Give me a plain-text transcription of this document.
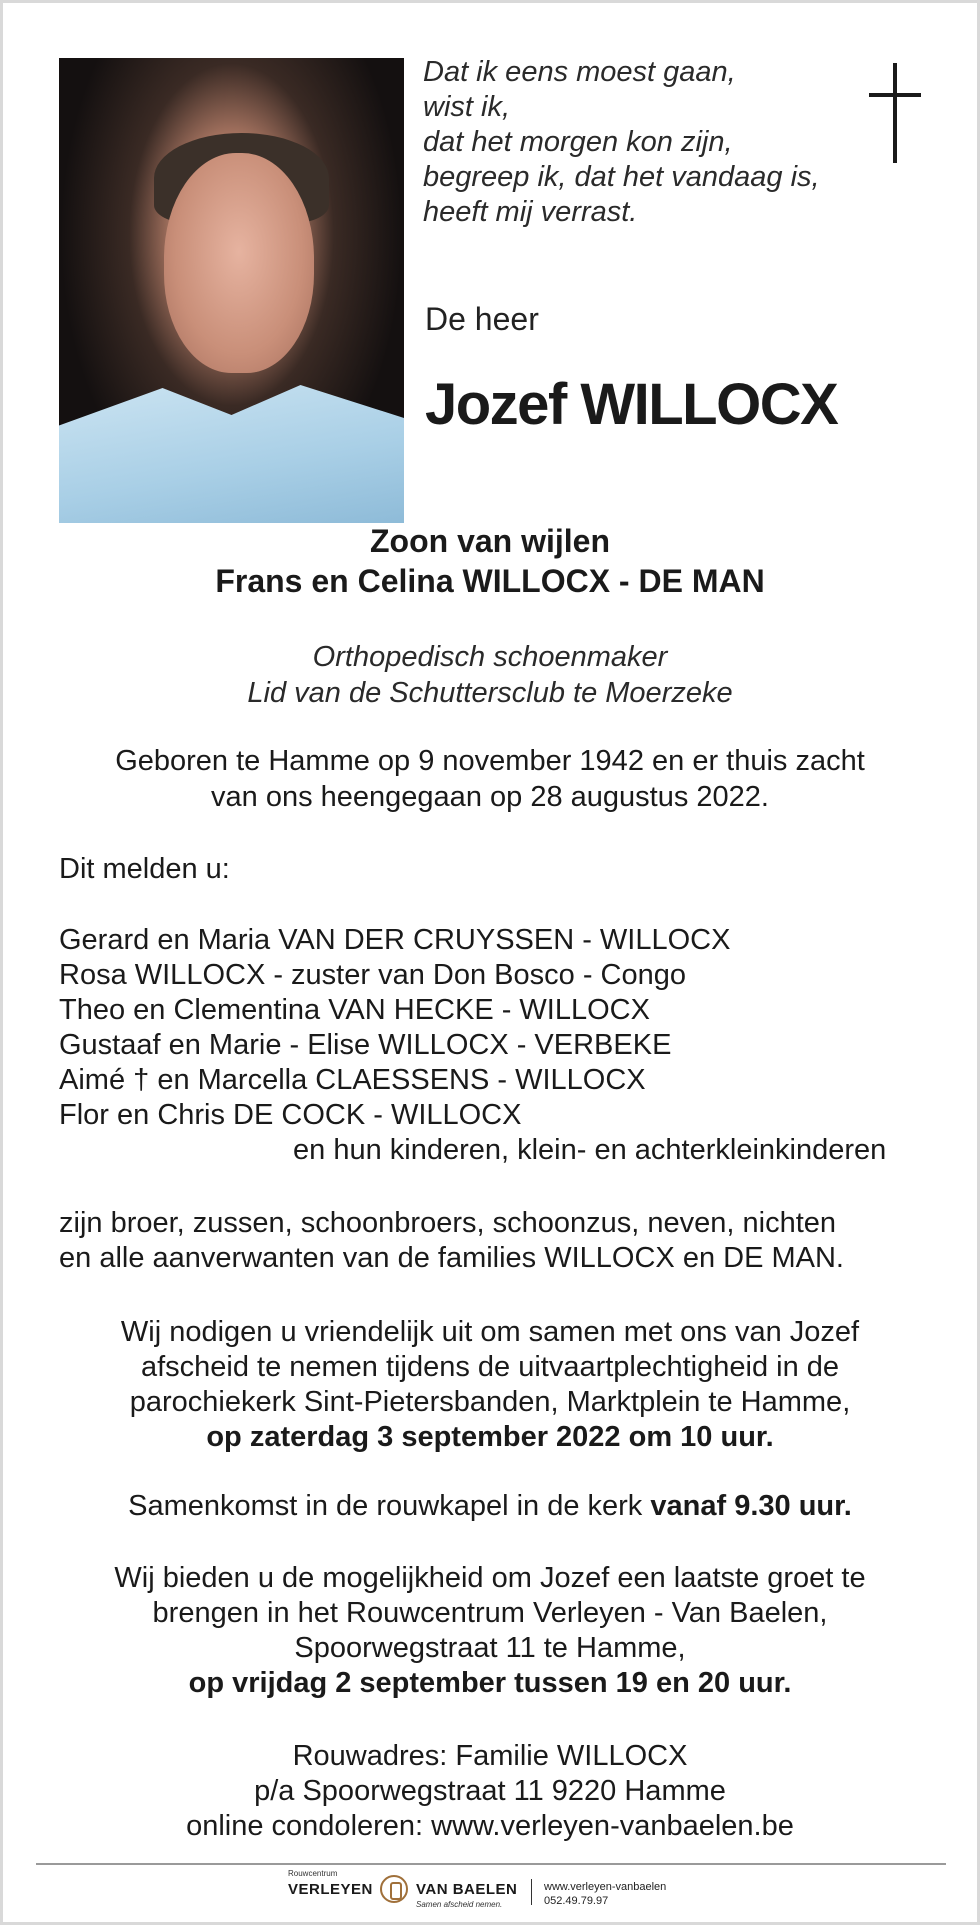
Dat ik eens moest gaan,
wist ik,
dat het morgen kon zijn,
begreep ik, dat het vandaag is,
heeft mij verrast.
De heer
Jozef WILLOCX
Zoon van wijlen
Frans en Celina WILLOCX - DE MAN
Orthopedisch schoenmaker
Lid van de Schuttersclub te Moerzeke
Geboren te Hamme op 9 november 1942 en er thuis zacht
van ons heengegaan op 28 augustus 2022.
Dit melden u:
Gerard en Maria VAN DER CRUYSSEN - WILLOCX
Rosa WILLOCX - zuster van Don Bosco - Congo
Theo en Clementina VAN HECKE - WILLOCX
Gustaaf en Marie - Elise WILLOCX - VERBEKE
Aimé † en Marcella CLAESSENS - WILLOCX
Flor en Chris DE COCK - WILLOCX
en hun kinderen, klein- en achterkleinkinderen
zijn broer, zussen, schoonbroers, schoonzus, neven, nichten
en alle aanverwanten van de families WILLOCX en DE MAN.
Wij nodigen u vriendelijk uit om samen met ons van Jozef
afscheid te nemen tijdens de uitvaartplechtigheid in de
parochiekerk Sint-Pietersbanden, Marktplein te Hamme,
op zaterdag 3 september 2022 om 10 uur.
Samenkomst in de rouwkapel in de kerk vanaf 9.30 uur.
Wij bieden u de mogelijkheid om Jozef een laatste groet te
brengen in het Rouwcentrum Verleyen - Van Baelen,
Spoorwegstraat 11 te Hamme,
op vrijdag 2 september tussen 19 en 20 uur.
Rouwadres: Familie WILLOCX
p/a Spoorwegstraat 11 9220 Hamme
online condoleren: www.verleyen-vanbaelen.be
Rouwcentrum
VERLEYEN	VAN BAELEN
Samen afscheid nemen.
www.verleyen-vanbaelen
052.49.79.97
